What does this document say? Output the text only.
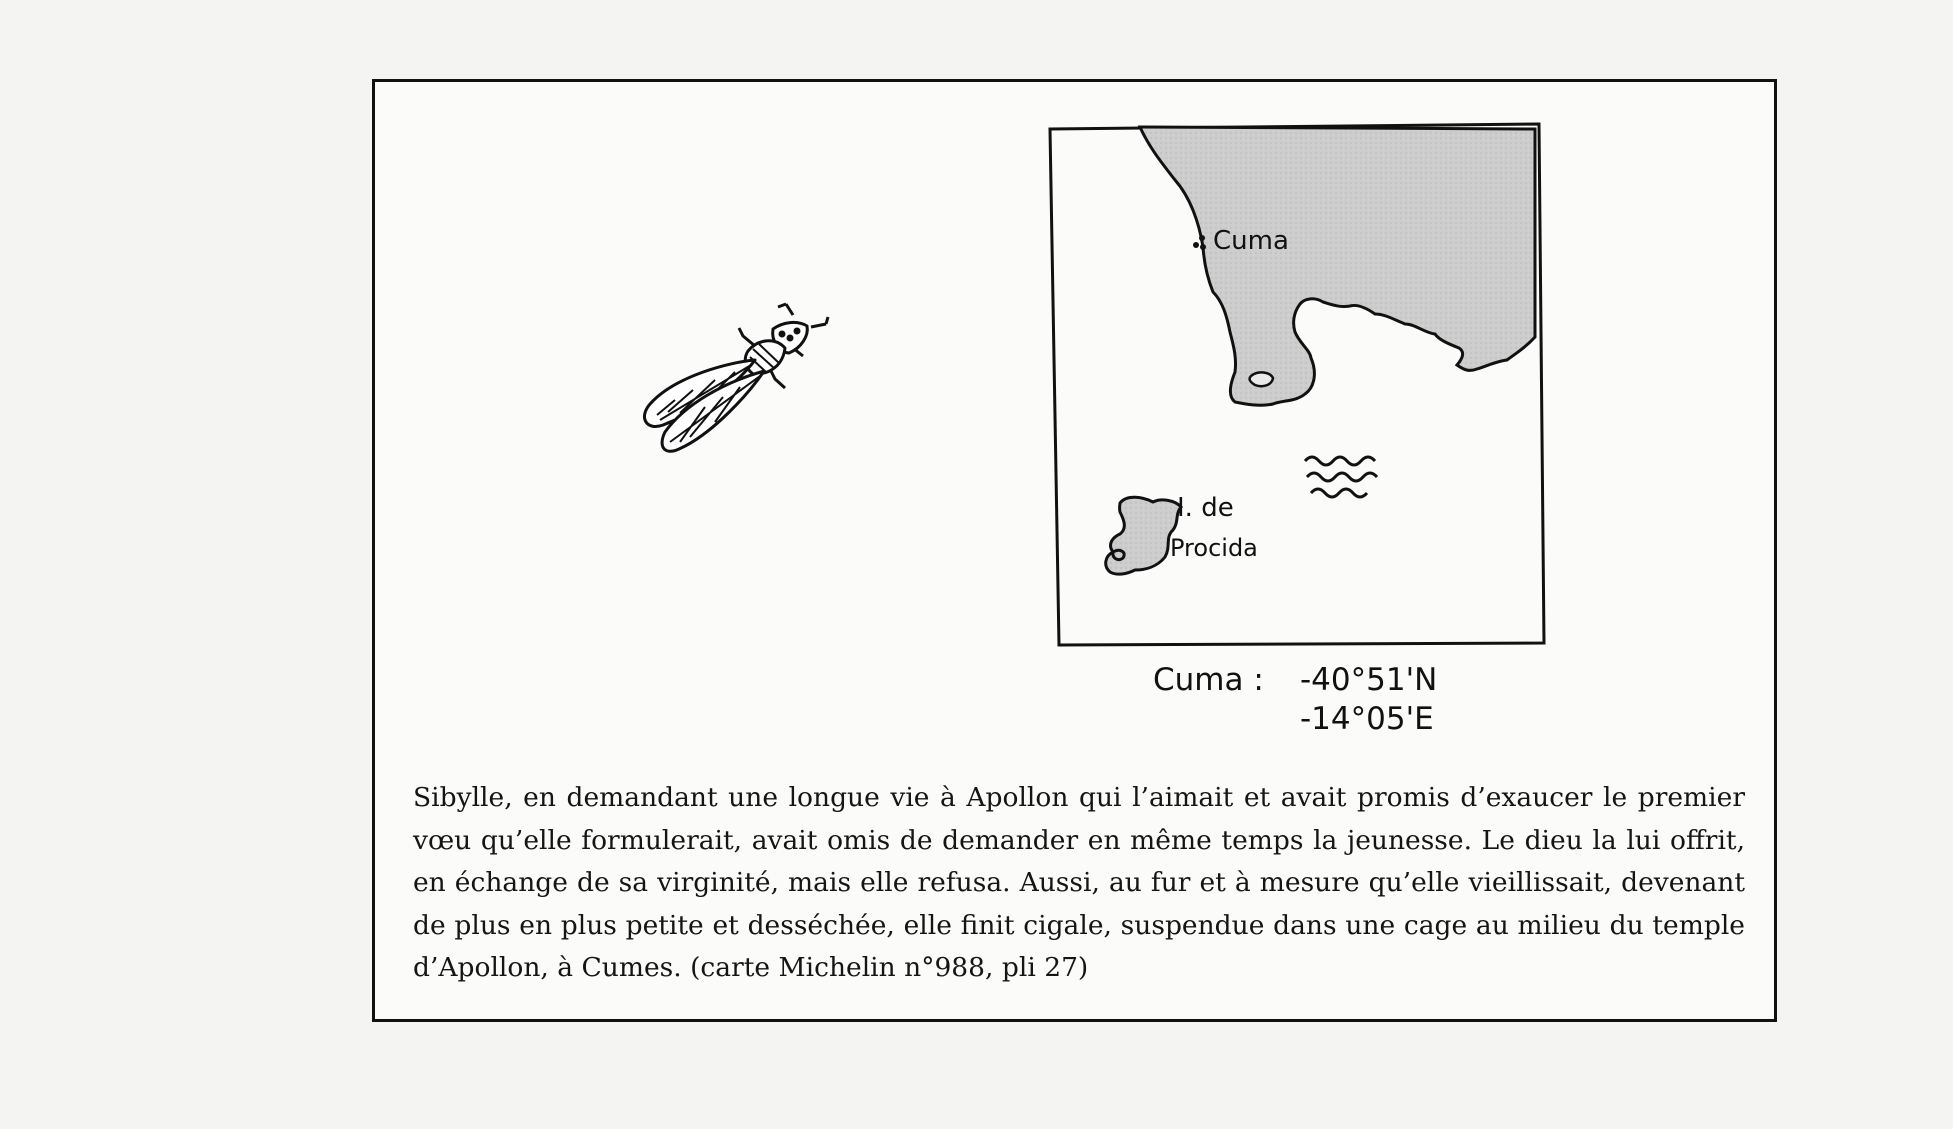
Cuma
I. de
Procida
Cuma : -40°51'N
-14°05'E

Sibylle, en demandant une longue vie à Apollon qui l’aimait et avait promis d’exaucer le premier vœu qu’elle formulerait, avait omis de demander en même temps la jeunesse. Le dieu la lui offrit, en échange de sa virginité, mais elle refusa. Aussi, au fur et à mesure qu’elle vieillissait, devenant de plus en plus petite et desséchée, elle finit cigale, suspendue dans une cage au milieu du temple d’Apollon, à Cumes. (carte Michelin n°988, pli 27)
